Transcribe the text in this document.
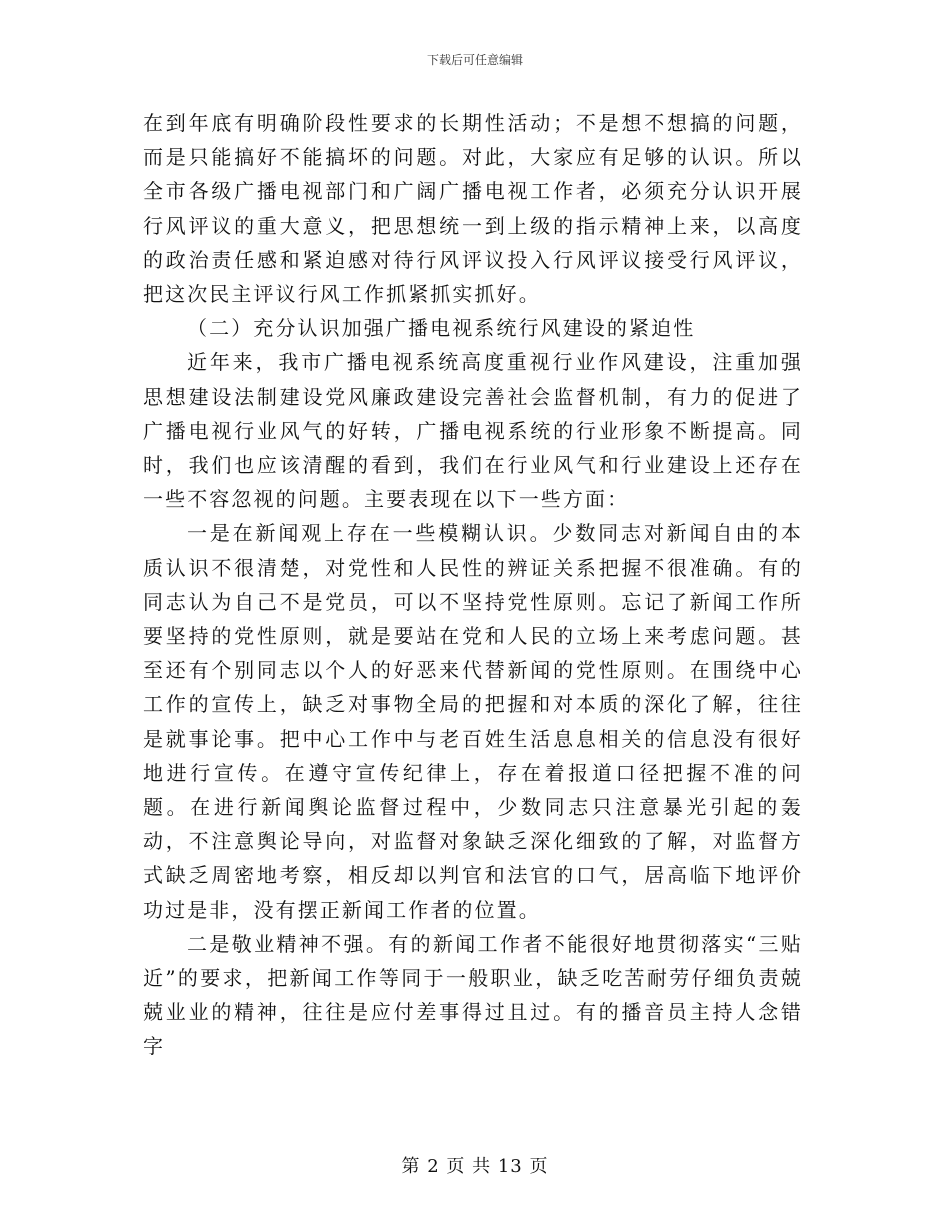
下载后可任意编辑

在到年底有明确阶段性要求的长期性活动；不是想不想搞的问题，而是只能搞好不能搞坏的问题。对此，大家应有足够的认识。所以全市各级广播电视部门和广阔广播电视工作者，必须充分认识开展行风评议的重大意义，把思想统一到上级的指示精神上来，以高度的政治责任感和紧迫感对待行风评议投入行风评议接受行风评议，把这次民主评议行风工作抓紧抓实抓好。

（二）充分认识加强广播电视系统行风建设的紧迫性

近年来，我市广播电视系统高度重视行业作风建设，注重加强思想建设法制建设党风廉政建设完善社会监督机制，有力的促进了广播电视行业风气的好转，广播电视系统的行业形象不断提高。同时，我们也应该清醒的看到，我们在行业风气和行业建设上还存在一些不容忽视的问题。主要表现在以下一些方面：

一是在新闻观上存在一些模糊认识。少数同志对新闻自由的本质认识不很清楚，对党性和人民性的辨证关系把握不很准确。有的同志认为自己不是党员，可以不坚持党性原则。忘记了新闻工作所要坚持的党性原则，就是要站在党和人民的立场上来考虑问题。甚至还有个别同志以个人的好恶来代替新闻的党性原则。在围绕中心工作的宣传上，缺乏对事物全局的把握和对本质的深化了解，往往是就事论事。把中心工作中与老百姓生活息息相关的信息没有很好地进行宣传。在遵守宣传纪律上，存在着报道口径把握不准的问题。在进行新闻舆论监督过程中，少数同志只注意暴光引起的轰动，不注意舆论导向，对监督对象缺乏深化细致的了解，对监督方式缺乏周密地考察，相反却以判官和法官的口气，居高临下地评价功过是非，没有摆正新闻工作者的位置。

二是敬业精神不强。有的新闻工作者不能很好地贯彻落实“三贴近”的要求，把新闻工作等同于一般职业，缺乏吃苦耐劳仔细负责兢兢业业的精神，往往是应付差事得过且过。有的播音员主持人念错字

第 2 页 共 13 页
